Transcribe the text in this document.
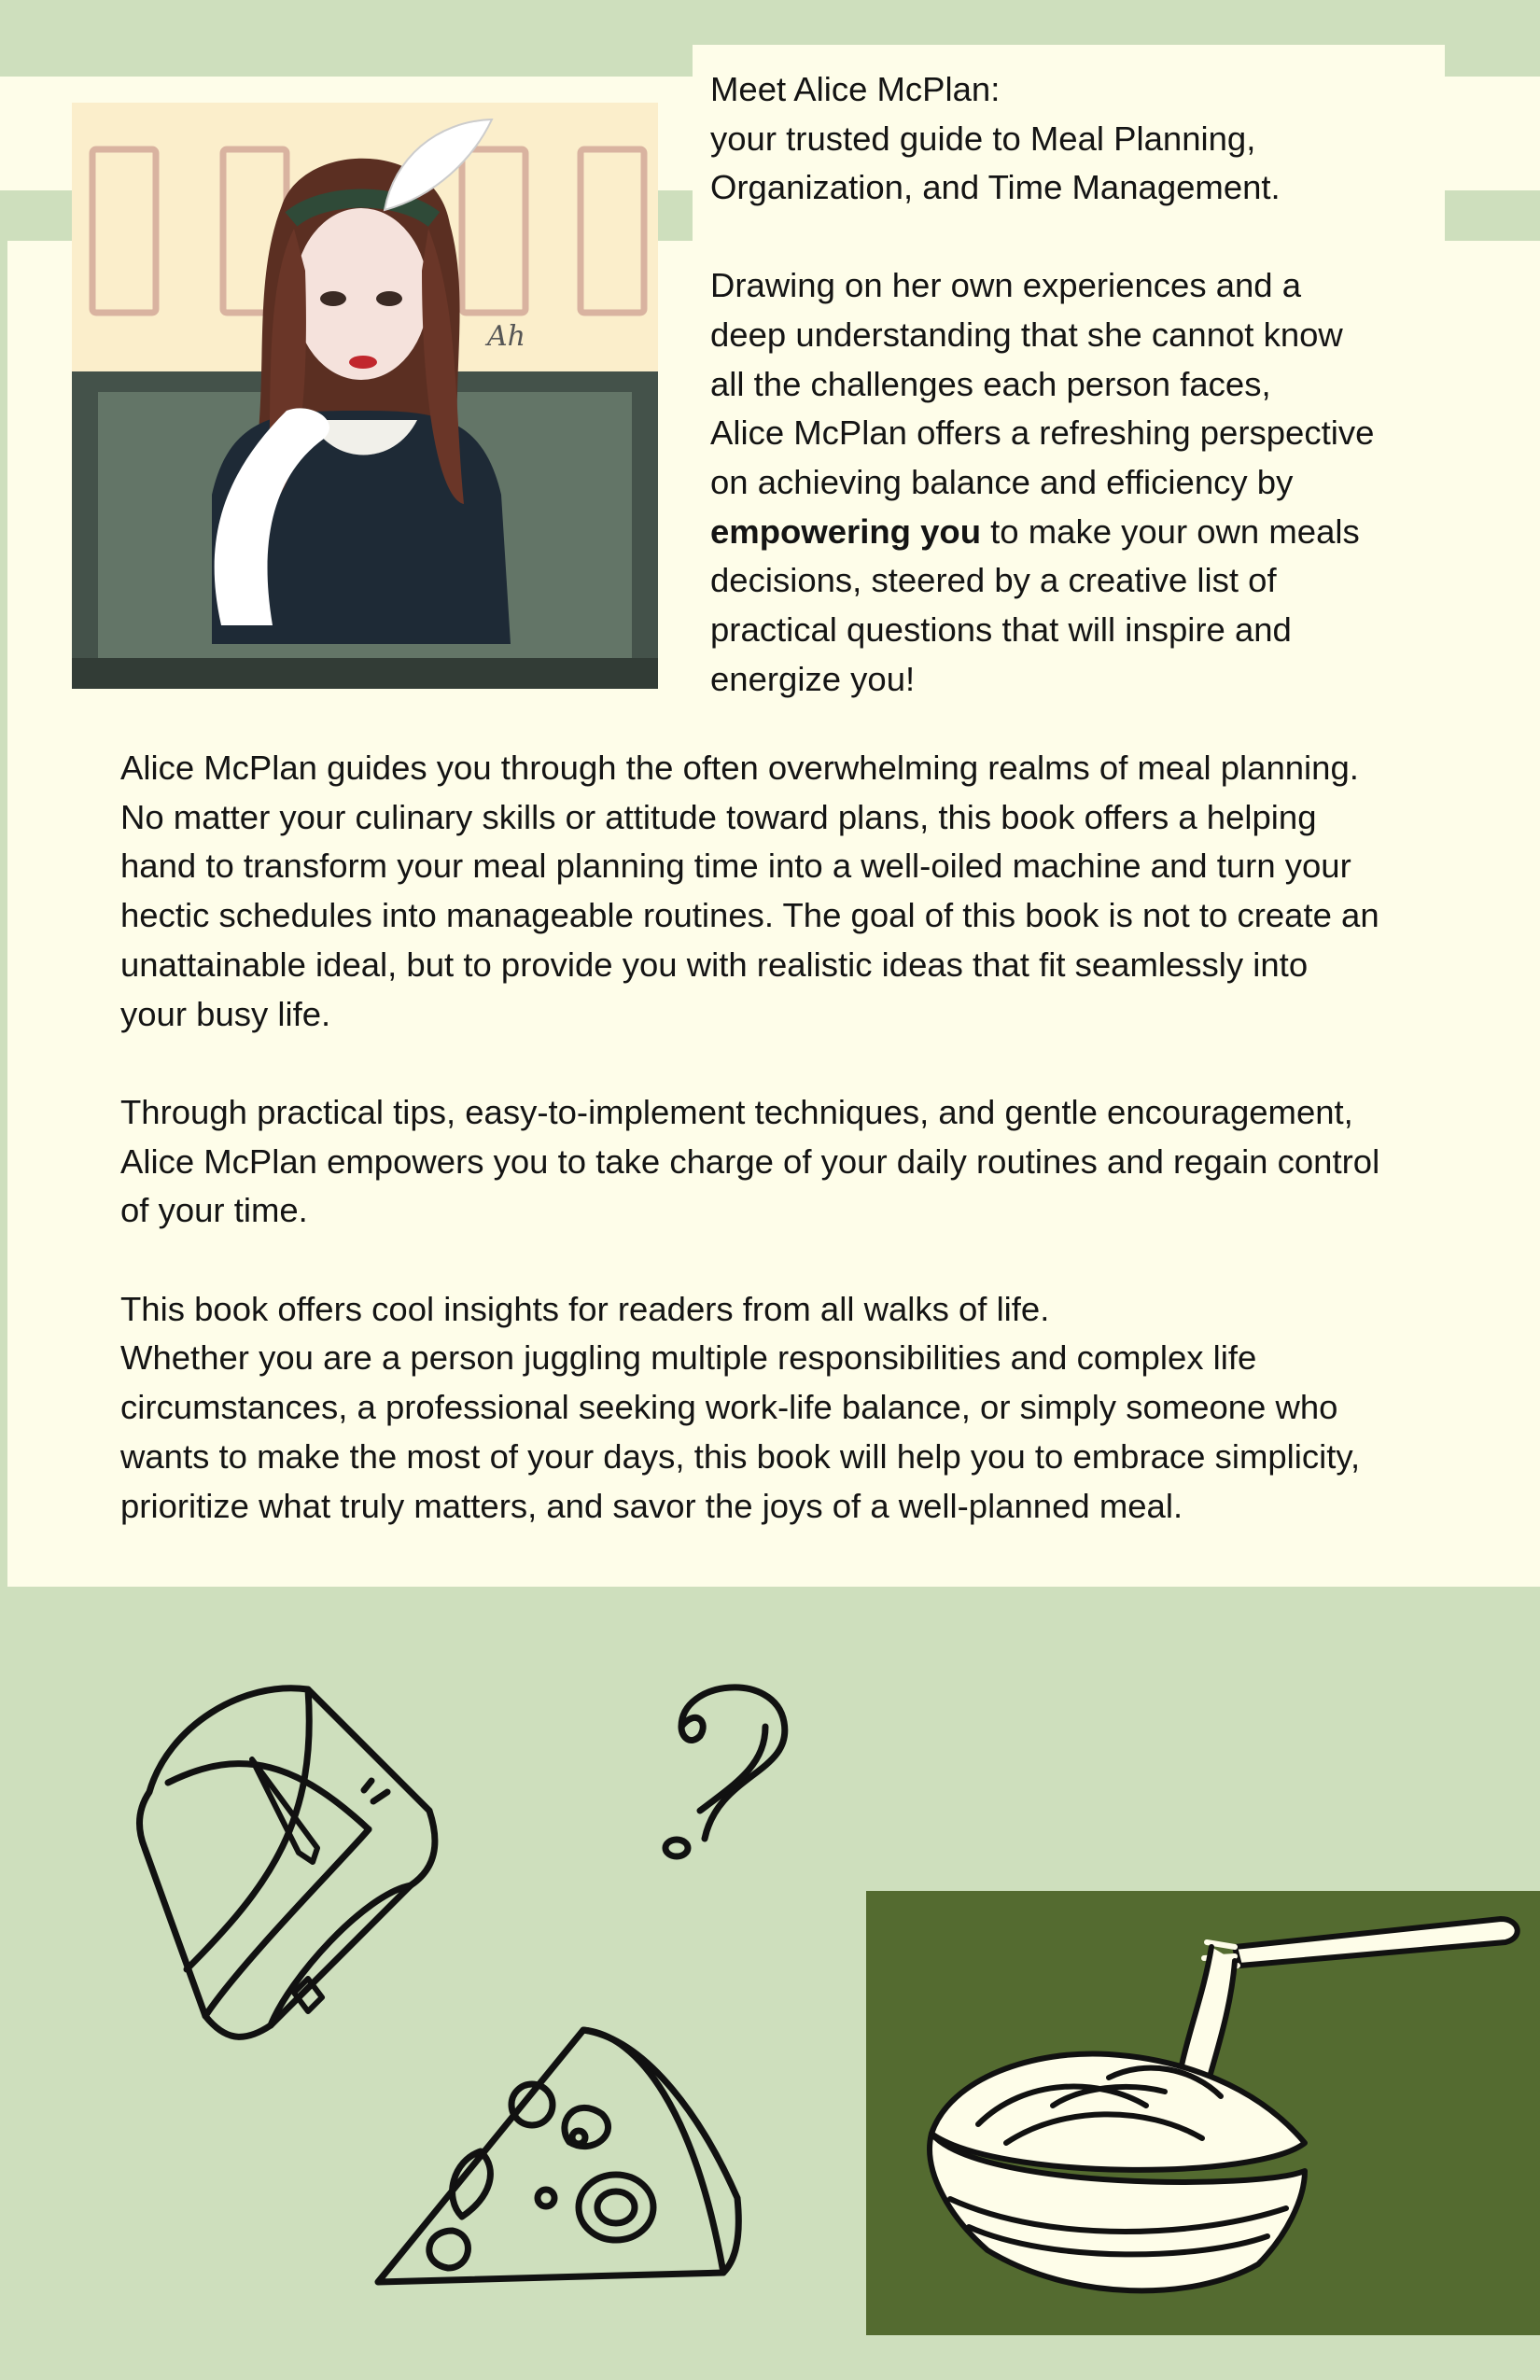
Ah
Meet Alice McPlan:
your trusted guide to Meal Planning,
Organization, and Time Management.
Drawing on her own experiences and a
deep understanding that she cannot know
all the challenges each person faces,
Alice McPlan offers a refreshing perspective
on achieving balance and efficiency by
empowering you to make your own meals
decisions, steered by a creative list of
practical questions that will inspire and
energize you!
Alice McPlan guides you through the often overwhelming realms of meal planning.
No matter your culinary skills or attitude toward plans, this book offers a helping
hand to transform your meal planning time into a well-oiled machine and turn your
hectic schedules into manageable routines. The goal of this book is not to create an
unattainable ideal, but to provide you with realistic ideas that fit seamlessly into
your busy life.
Through practical tips, easy-to-implement techniques, and gentle encouragement,
Alice McPlan empowers you to take charge of your daily routines and regain control
of your time.
This book offers cool insights for readers from all walks of life.
Whether you are a person juggling multiple responsibilities and complex life
circumstances, a professional seeking work-life balance, or simply someone who
wants to make the most of your days, this book will help you to embrace simplicity,
prioritize what truly matters, and savor the joys of a well-planned meal.
